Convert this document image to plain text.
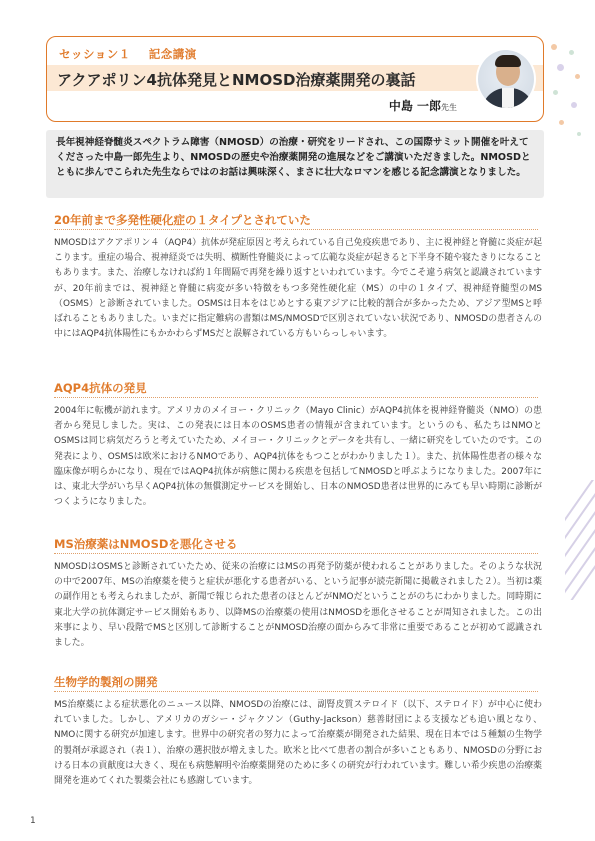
セッション１ 記念講演
アクアポリン4抗体発見とNMOSD治療薬開発の裏話
中島 一郎先生

長年視神経脊髄炎スペクトラム障害（NMOSD）の治療・研究をリードされ、この国際サミット開催を叶えてくださった中島一郎先生より、NMOSDの歴史や治療薬開発の進展などをご講演いただきました。NMOSDとともに歩んでこられた先生ならではのお話は興味深く、まさに壮大なロマンを感じる記念講演となりました。

20年前まで多発性硬化症の１タイプとされていた

NMOSDはアクアポリン４（AQP4）抗体が発症原因と考えられている自己免疫疾患であり、主に視神経と脊髄に炎症が起こります。重症の場合、視神経炎では失明、横断性脊髄炎によって広範な炎症が起きると下半身不随や寝たきりになることもあります。また、治療しなければ約１年間隔で再発を繰り返すといわれています。今でこそ違う病気と認識されていますが、20年前までは、視神経と脊髄に病変が多い特徴をもつ多発性硬化症（MS）の中の１タイプ、視神経脊髄型のMS（OSMS）と診断されていました。OSMSは日本をはじめとする東アジアに比較的割合が多かったため、アジア型MSと呼ばれることもありました。いまだに指定難病の書類はMS/NMOSDで区別されていない状況であり、NMOSDの患者さんの中にはAQP4抗体陽性にもかかわらずMSだと誤解されている方もいらっしゃいます。

AQP4抗体の発見

2004年に転機が訪れます。アメリカのメイヨー・クリニック（Mayo Clinic）がAQP4抗体を視神経脊髄炎（NMO）の患者から発見しました。実は、この発表には日本のOSMS患者の情報が含まれています。というのも、私たちはNMOとOSMSは同じ病気だろうと考えていたため、メイヨー・クリニックとデータを共有し、一緒に研究をしていたのです。この発表により、OSMSは欧米におけるNMOであり、AQP4抗体をもつことがわかりました１）。また、抗体陽性患者の様々な臨床像が明らかになり、現在ではAQP4抗体が病態に関わる疾患を包括してNMOSDと呼ぶようになりました。2007年には、東北大学がいち早くAQP4抗体の無償測定サービスを開始し、日本のNMOSD患者は世界的にみても早い時期に診断がつくようになりました。

MS治療薬はNMOSDを悪化させる

NMOSDはOSMSと診断されていたため、従来の治療にはMSの再発予防薬が使われることがありました。そのような状況の中で2007年、MSの治療薬を使うと症状が悪化する患者がいる、という記事が読売新聞に掲載されました２）。当初は薬の副作用とも考えられましたが、新聞で報じられた患者のほとんどがNMOだということがのちにわかりました。同時期に東北大学の抗体測定サービス開始もあり、以降MSの治療薬の使用はNMOSDを悪化させることが周知されました。この出来事により、早い段階でMSと区別して診断することがNMOSD治療の面からみて非常に重要であることが初めて認識されました。

生物学的製剤の開発

MS治療薬による症状悪化のニュース以降、NMOSDの治療には、副腎皮質ステロイド（以下、ステロイド）が中心に使われていました。しかし、アメリカのガシー・ジャクソン（Guthy-Jackson）慈善財団による支援なども追い風となり、NMOに関する研究が加速します。世界中の研究者の努力によって治療薬が開発された結果、現在日本では５種類の生物学的製剤が承認され（表１）、治療の選択肢が増えました。欧米と比べて患者の割合が多いこともあり、NMOSDの分野における日本の貢献度は大きく、現在も病態解明や治療薬開発のために多くの研究が行われています。難しい希少疾患の治療薬開発を進めてくれた製薬会社にも感謝しています。

1
